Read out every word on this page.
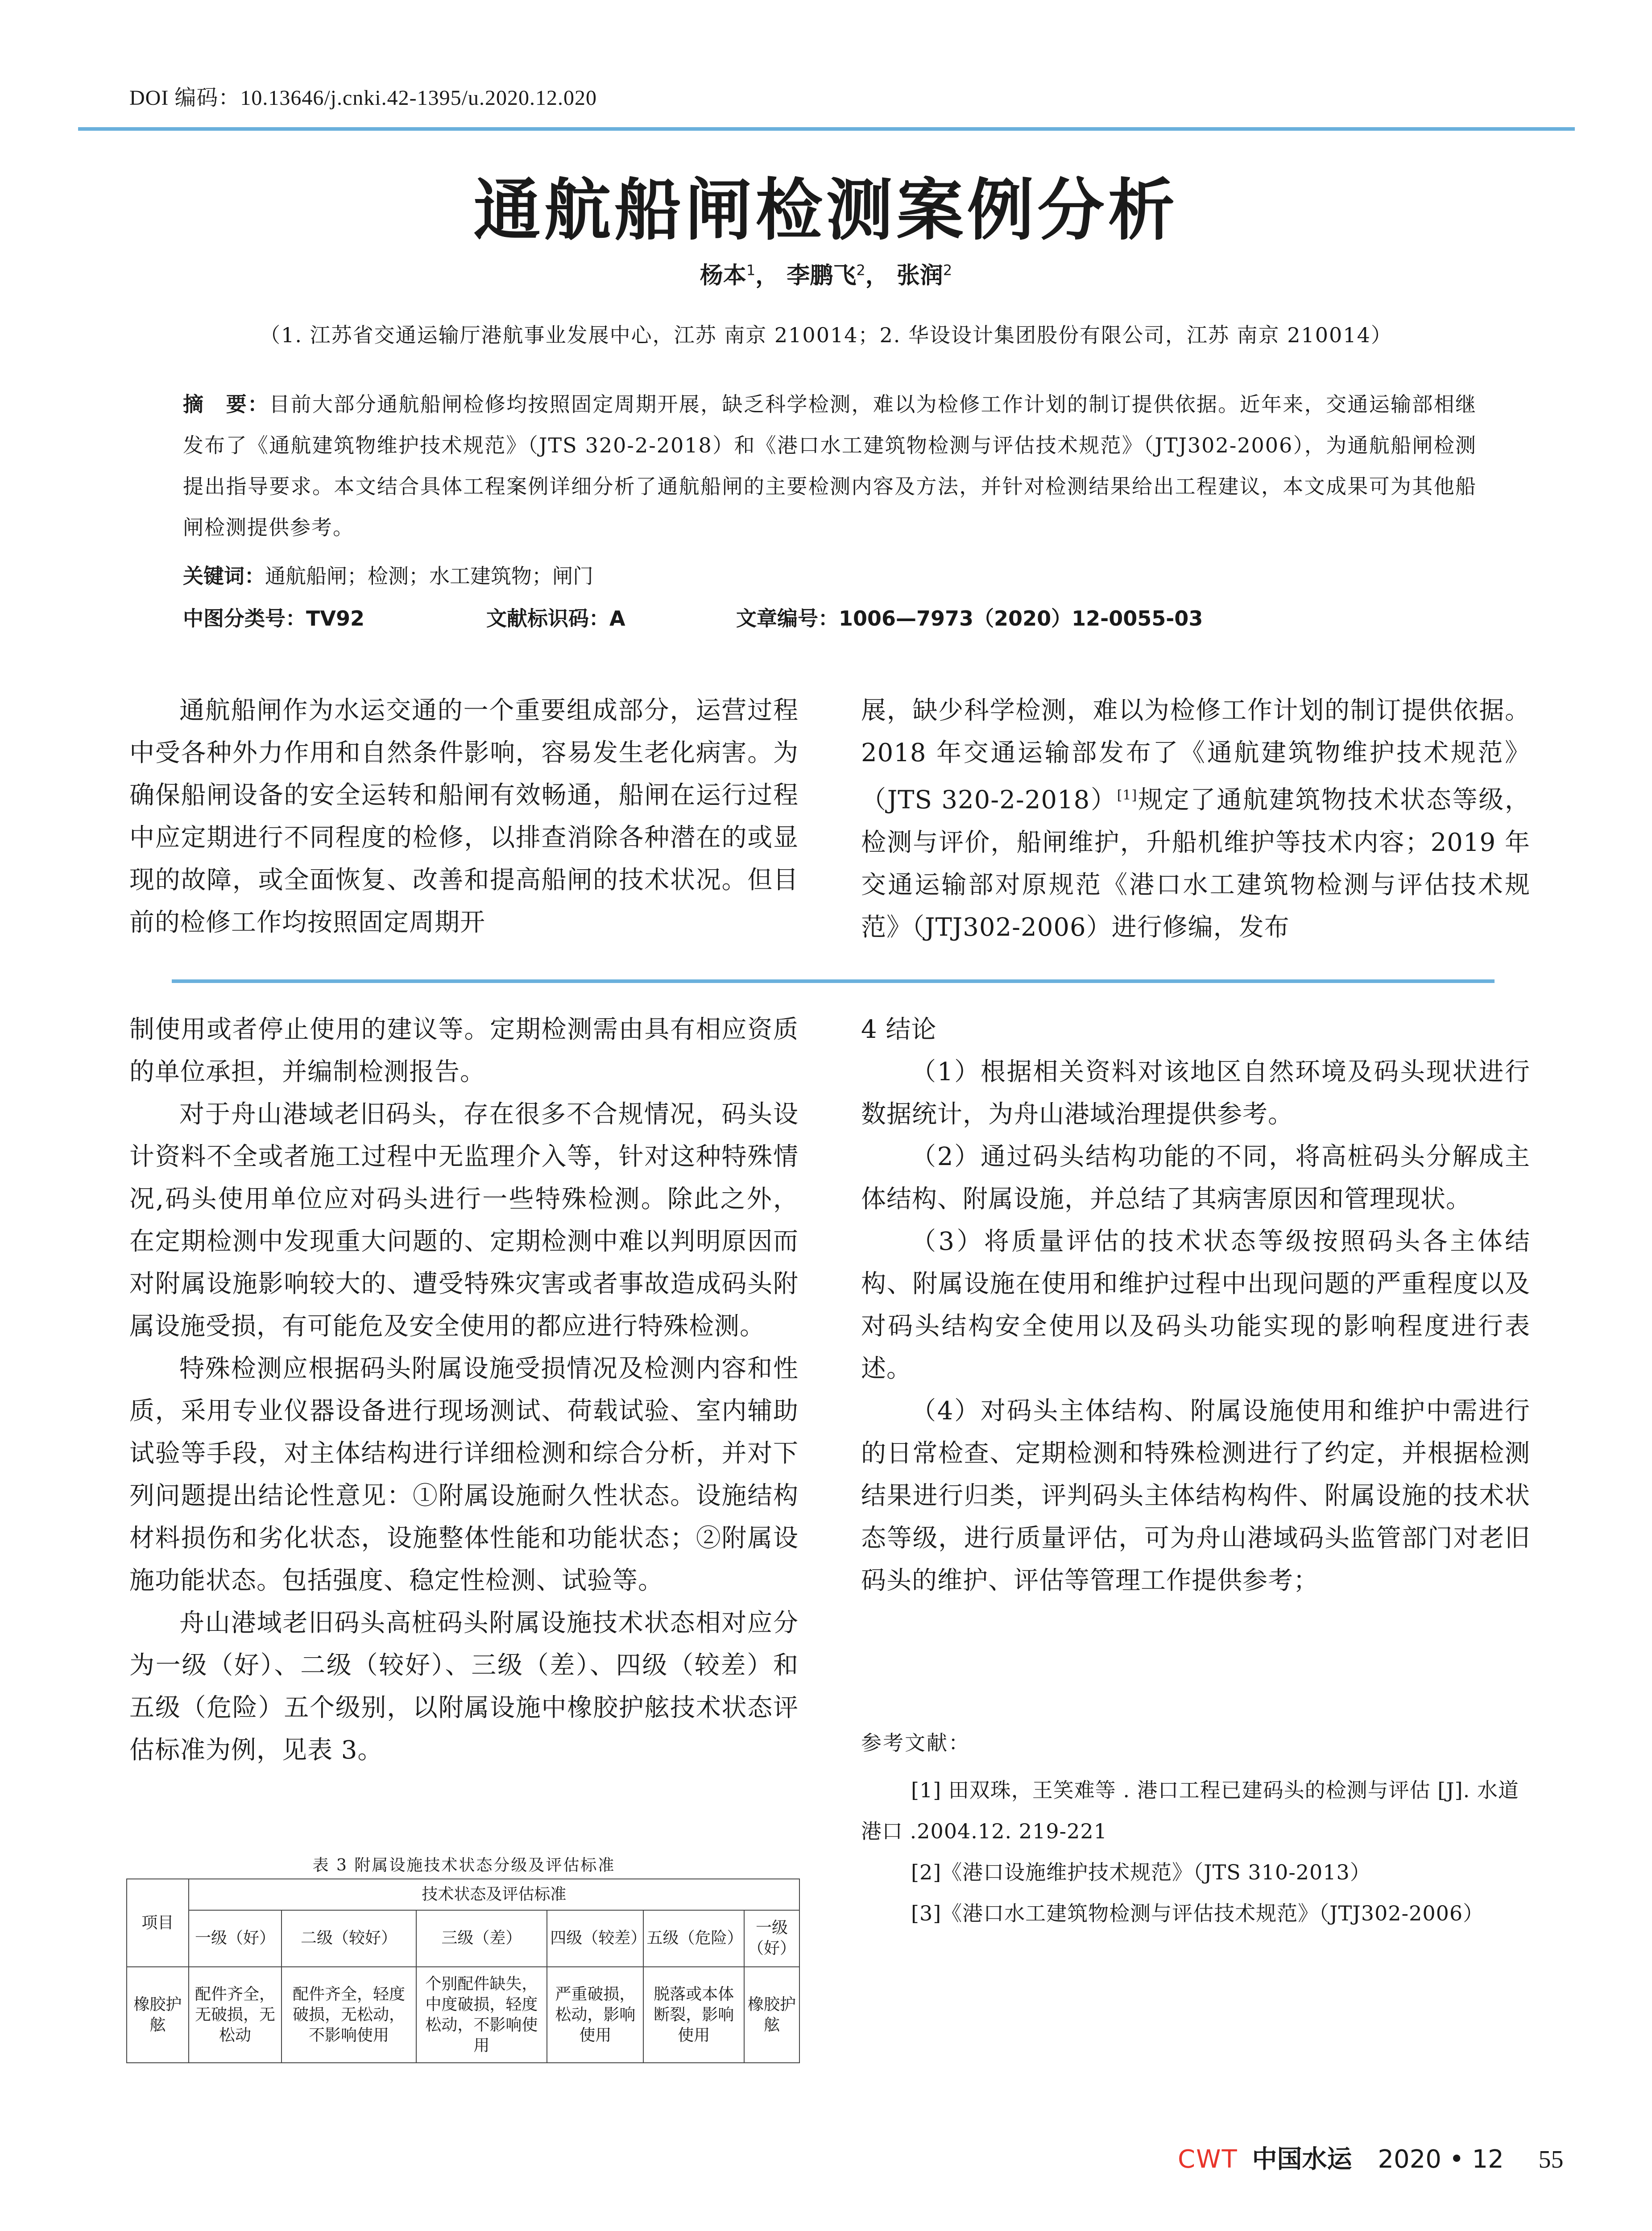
DOI 编码：10.13646/j.cnki.42-1395/u.2020.12.020
通航船闸检测案例分析
杨本$^1$， 李鹏飞$^2$， 张润$^2$
（1. 江苏省交通运输厅港航事业发展中心，江苏 南京 210014；2. 华设设计集团股份有限公司，江苏 南京 210014）
摘　要：目前大部分通航船闸检修均按照固定周期开展，缺乏科学检测，难以为检修工作计划的制订提供依据。近年来，交通运输部相继发布了《通航建筑物维护技术规范》（JTS 320-2-2018）和《港口水工建筑物检测与评估技术规范》（JTJ302-2006），为通航船闸检测提出指导要求。本文结合具体工程案例详细分析了通航船闸的主要检测内容及方法，并针对检测结果给出工程建议，本文成果可为其他船闸检测提供参考。
关键词：通航船闸；检测；水工建筑物；闸门
中图分类号：TV92	文献标识码：A	文章编号：1006—7973（2020）12-0055-03

通航船闸作为水运交通的一个重要组成部分，运营过程中受各种外力作用和自然条件影响，容易发生老化病害。为确保船闸设备的安全运转和船闸有效畅通，船闸在运行过程中应定期进行不同程度的检修，以排查消除各种潜在的或显现的故障，或全面恢复、改善和提高船闸的技术状况。但目前的检修工作均按照固定周期开

展，缺少科学检测，难以为检修工作计划的制订提供依据。2018 年交通运输部发布了《通航建筑物维护技术规范》（JTS 320-2-2018）[1]规定了通航建筑物技术状态等级，检测与评价，船闸维护，升船机维护等技术内容；2019 年交通运输部对原规范《港口水工建筑物检测与评估技术规范》（JTJ302-2006）进行修编，发布

制使用或者停止使用的建议等。定期检测需由具有相应资质的单位承担，并编制检测报告。

对于舟山港域老旧码头，存在很多不合规情况，码头设计资料不全或者施工过程中无监理介入等，针对这种特殊情况,码头使用单位应对码头进行一些特殊检测。除此之外，在定期检测中发现重大问题的、定期检测中难以判明原因而对附属设施影响较大的、遭受特殊灾害或者事故造成码头附属设施受损，有可能危及安全使用的都应进行特殊检测。

特殊检测应根据码头附属设施受损情况及检测内容和性质，采用专业仪器设备进行现场测试、荷载试验、室内辅助试验等手段，对主体结构进行详细检测和综合分析，并对下列问题提出结论性意见：①附属设施耐久性状态。设施结构材料损伤和劣化状态，设施整体性能和功能状态；②附属设施功能状态。包括强度、稳定性检测、试验等。

舟山港域老旧码头高桩码头附属设施技术状态相对应分为一级（好）、二级（较好）、三级（差）、四级（较差）和五级（危险）五个级别，以附属设施中橡胶护舷技术状态评估标准为例，见表 3。

表 3 附属设施技术状态分级及评估标准
项目	技术状态及评估标准					
	一级（好）	二级（较好）	三级（差）	四级（较差）	五级（危险）	一级（好）
橡胶护舷	配件齐全，无破损，无松动	配件齐全，轻度破损，无松动，不影响使用	个别配件缺失，中度破损，轻度松动，不影响使用	严重破损，松动，影响使用	脱落或本体断裂，影响使用	橡胶护舷

4 结论

（1）根据相关资料对该地区自然环境及码头现状进行数据统计，为舟山港域治理提供参考。

（2）通过码头结构功能的不同，将高桩码头分解成主体结构、附属设施，并总结了其病害原因和管理现状。

（3）将质量评估的技术状态等级按照码头各主体结构、附属设施在使用和维护过程中出现问题的严重程度以及对码头结构安全使用以及码头功能实现的影响程度进行表述。

（4）对码头主体结构、附属设施使用和维护中需进行的日常检查、定期检测和特殊检测进行了约定，并根据检测结果进行归类，评判码头主体结构构件、附属设施的技术状态等级，进行质量评估，可为舟山港域码头监管部门对老旧码头的维护、评估等管理工作提供参考；

参考文献：
[1] 田双珠，王笑难等 . 港口工程已建码头的检测与评估 [J]. 水道港口 .2004.12. 219-221
[2]《港口设施维护技术规范》（JTS 310-2013）
[3]《港口水工建筑物检测与评估技术规范》（JTJ302-2006）
CWT 中国水运 2020 • 12 55
